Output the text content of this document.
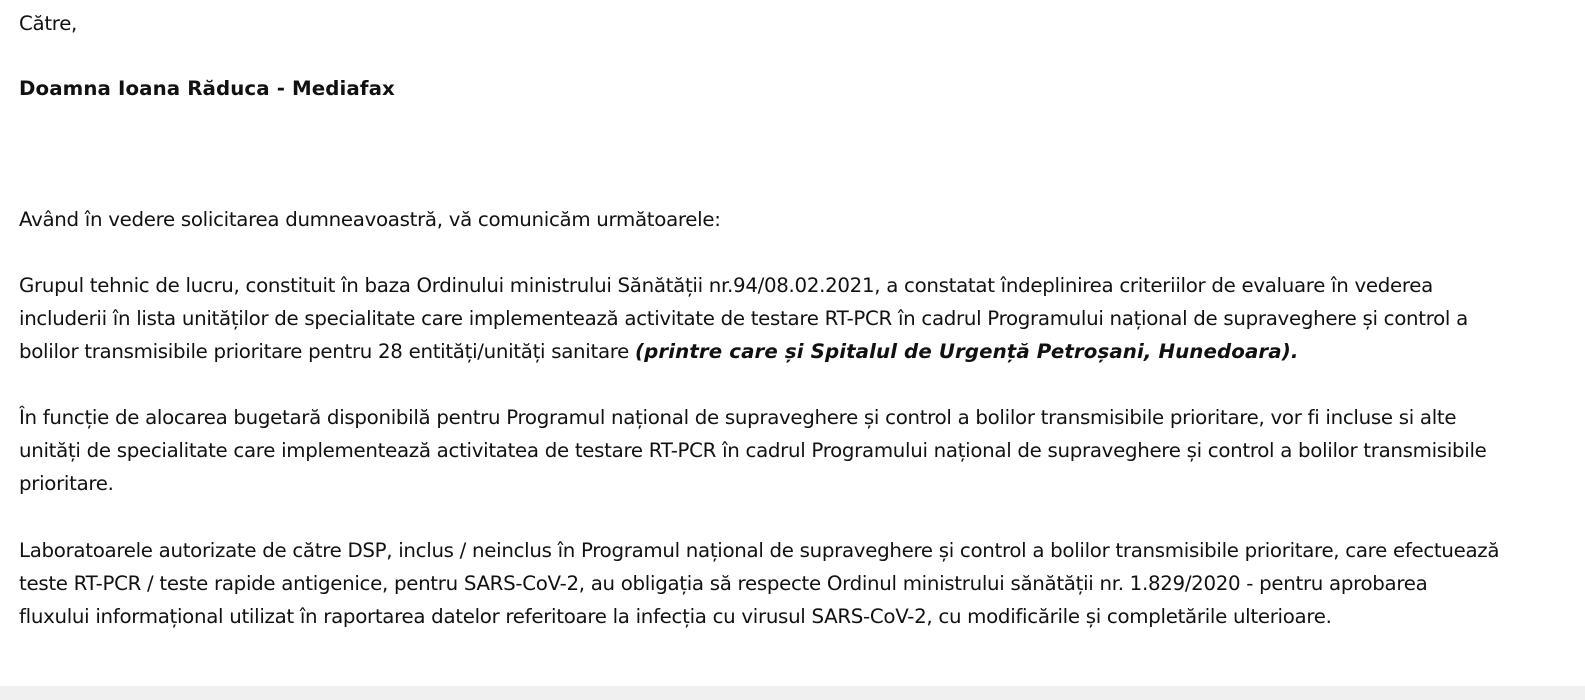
Către,
Doamna Ioana Răduca - Mediafax
Având în vedere solicitarea dumneavoastră, vă comunicăm următoarele:
Grupul tehnic de lucru, constituit în baza Ordinului ministrului Sănătății nr.94/08.02.2021, a constatat îndeplinirea criteriilor de evaluare în vederea
includerii în lista unităților de specialitate care implementează activitate de testare RT-PCR în cadrul Programului național de supraveghere și control a
bolilor transmisibile prioritare pentru 28 entități/unități sanitare (printre care și Spitalul de Urgență Petroșani, Hunedoara).
În funcție de alocarea bugetară disponibilă pentru Programul național de supraveghere și control a bolilor transmisibile prioritare, vor fi incluse si alte
unități de specialitate care implementează activitatea de testare RT-PCR în cadrul Programului național de supraveghere și control a bolilor transmisibile
prioritare.
Laboratoarele autorizate de către DSP, inclus / neinclus în Programul național de supraveghere și control a bolilor transmisibile prioritare, care efectuează
teste RT-PCR / teste rapide antigenice, pentru SARS-CoV-2, au obligația să respecte Ordinul ministrului sănătății nr. 1.829/2020 - pentru aprobarea
fluxului informațional utilizat în raportarea datelor referitoare la infecția cu virusul SARS-CoV-2, cu modificările și completările ulterioare.
